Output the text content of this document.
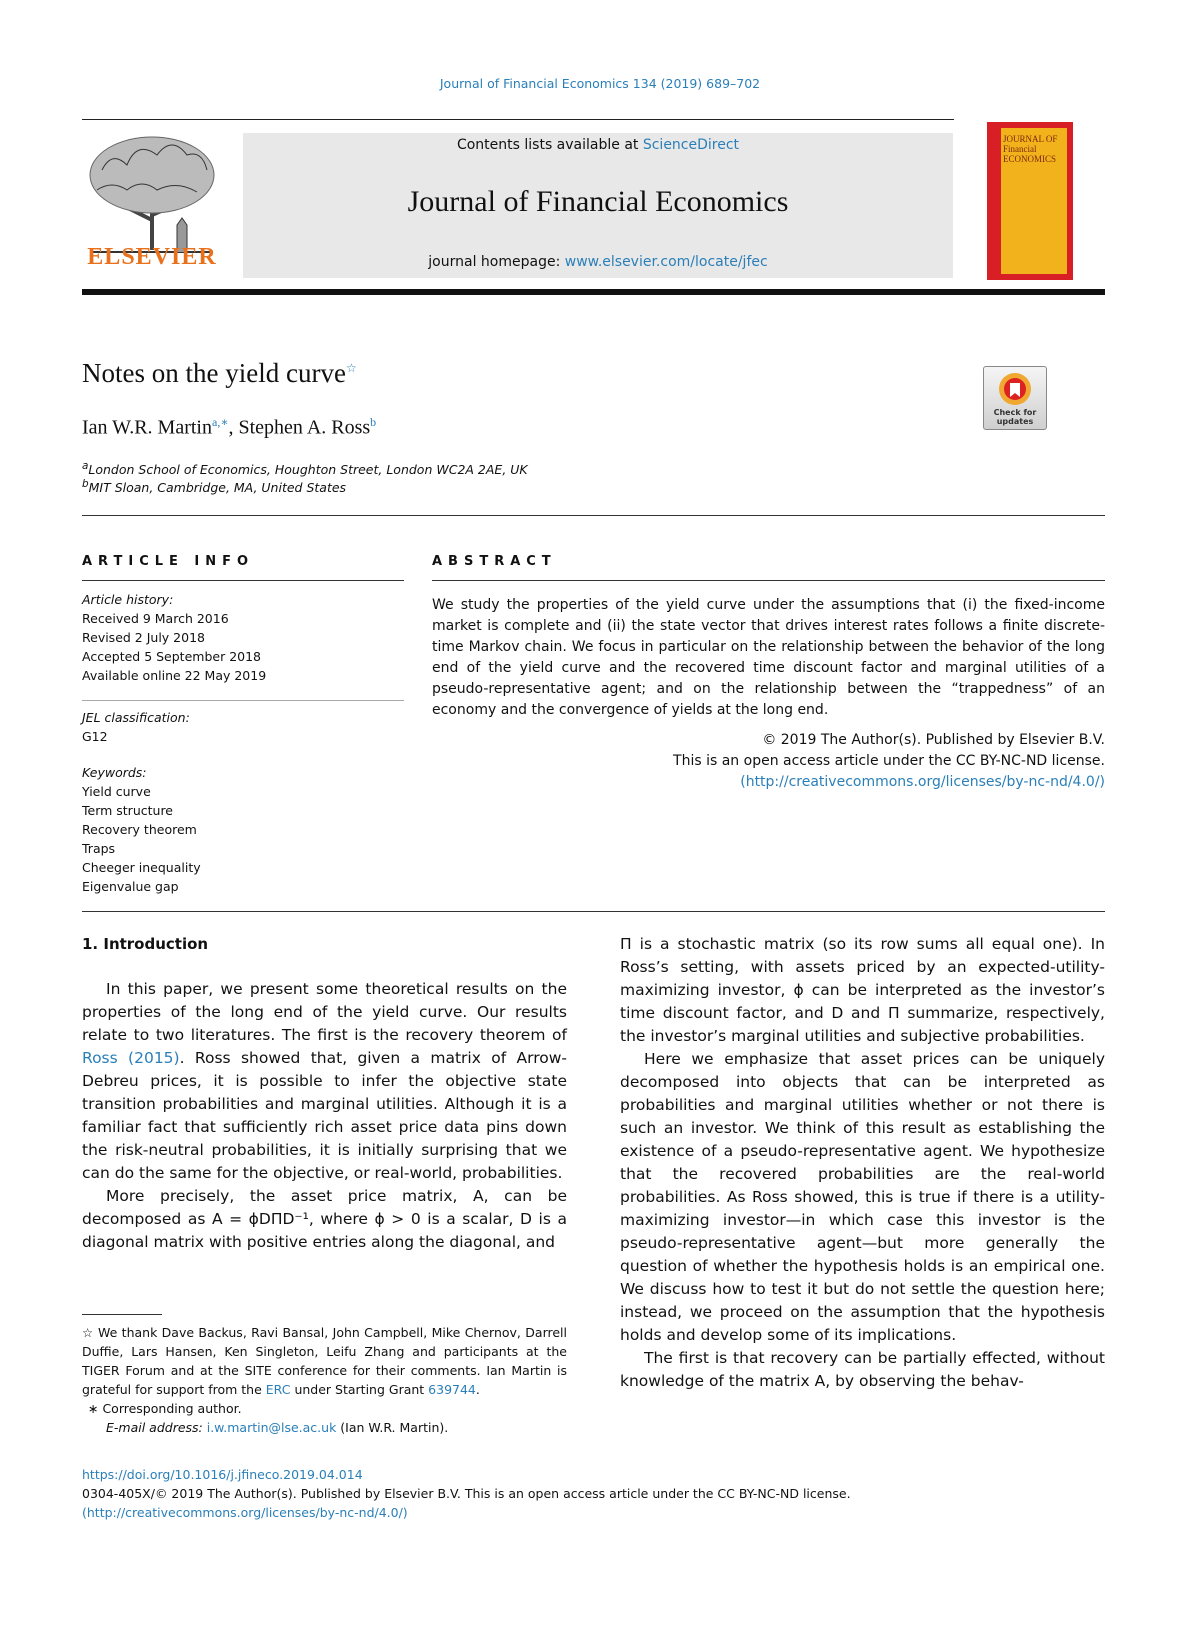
Journal of Financial Economics 134 (2019) 689–702
ELSEVIER
Contents lists available at ScienceDirect
Journal of Financial Economics
journal homepage: www.elsevier.com/locate/jfec
JOURNAL OF Financial ECONOMICS
Notes on the yield curve☆
Ian W.R. Martin$^{a,∗}$, Stephen A. Ross$^b$
$^a$London School of Economics, Houghton Street, London WC2A 2AE, UK
$^b$MIT Sloan, Cambridge, MA, United States
Check for updates
ARTICLE INFO
Article history:
Received 9 March 2016
Revised 2 July 2018
Accepted 5 September 2018
Available online 22 May 2019
JEL classification:
G12
Keywords:
Yield curve
Term structure
Recovery theorem
Traps
Cheeger inequality
Eigenvalue gap
ABSTRACT
We study the properties of the yield curve under the assumptions that (i) the fixed-income market is complete and (ii) the state vector that drives interest rates follows a finite discrete-time Markov chain. We focus in particular on the relationship between the behavior of the long end of the yield curve and the recovered time discount factor and marginal utilities of a pseudo-representative agent; and on the relationship between the “trappedness” of an economy and the convergence of yields at the long end.
© 2019 The Author(s). Published by Elsevier B.V.
This is an open access article under the CC BY-NC-ND license.
(http://creativecommons.org/licenses/by-nc-nd/4.0/)
1. Introduction

In this paper, we present some theoretical results on the properties of the long end of the yield curve. Our results relate to two literatures. The first is the recovery theorem of Ross (2015). Ross showed that, given a matrix of Arrow-Debreu prices, it is possible to infer the objective state transition probabilities and marginal utilities. Although it is a familiar fact that sufficiently rich asset price data pins down the risk-neutral probabilities, it is initially surprising that we can do the same for the objective, or real-world, probabilities.

More precisely, the asset price matrix, A, can be decomposed as A = ϕDΠD⁻¹, where ϕ > 0 is a scalar, D is a diagonal matrix with positive entries along the diagonal, and

Π is a stochastic matrix (so its row sums all equal one). In Ross’s setting, with assets priced by an expected-utility-maximizing investor, ϕ can be interpreted as the investor’s time discount factor, and D and Π summarize, respectively, the investor’s marginal utilities and subjective probabilities.

Here we emphasize that asset prices can be uniquely decomposed into objects that can be interpreted as probabilities and marginal utilities whether or not there is such an investor. We think of this result as establishing the existence of a pseudo-representative agent. We hypothesize that the recovered probabilities are the real-world probabilities. As Ross showed, this is true if there is a utility-maximizing investor—in which case this investor is the pseudo-representative agent—but more generally the question of whether the hypothesis holds is an empirical one. We discuss how to test it but do not settle the question here; instead, we proceed on the assumption that the hypothesis holds and develop some of its implications.

The first is that recovery can be partially effected, without knowledge of the matrix A, by observing the behav-

☆ We thank Dave Backus, Ravi Bansal, John Campbell, Mike Chernov, Darrell Duffie, Lars Hansen, Ken Singleton, Leifu Zhang and participants at the TIGER Forum and at the SITE conference for their comments. Ian Martin is grateful for support from the ERC under Starting Grant 639744.

∗ Corresponding author.

E-mail address: i.w.martin@lse.ac.uk (Ian W.R. Martin).

https://doi.org/10.1016/j.jfineco.2019.04.014
0304-405X/© 2019 The Author(s). Published by Elsevier B.V. This is an open access article under the CC BY-NC-ND license.
(http://creativecommons.org/licenses/by-nc-nd/4.0/)
